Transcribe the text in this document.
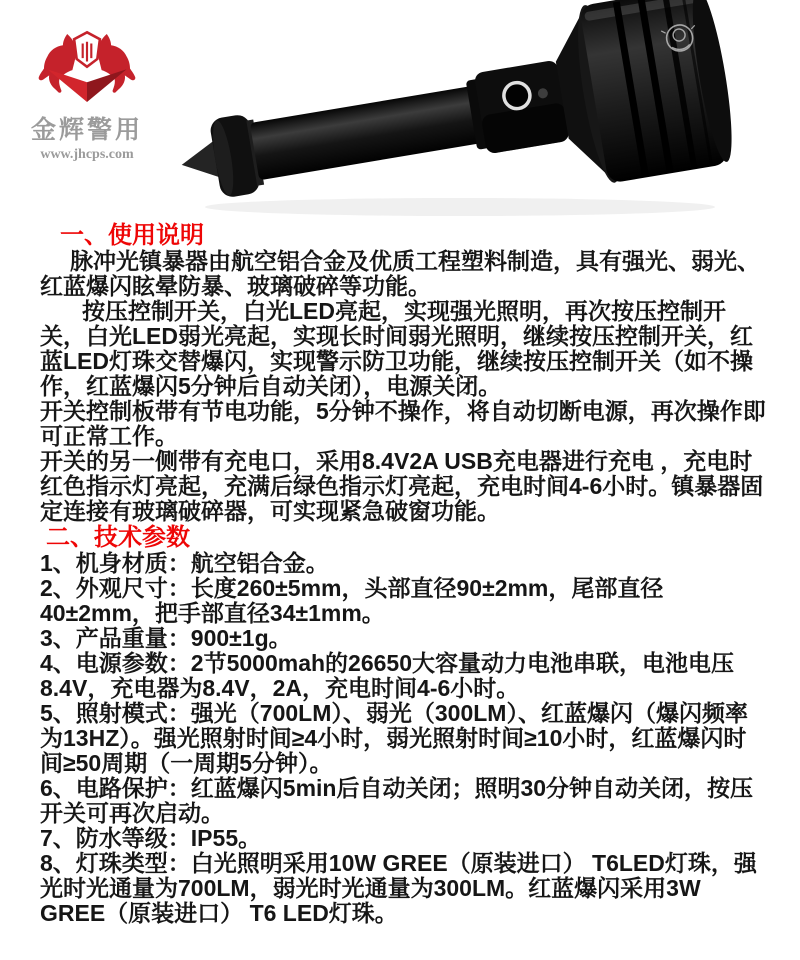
金辉警用
www.jhcps.com
一、使用说明

脉冲光镇暴器由航空铝合金及优质工程塑料制造，具有强光、弱光、红蓝爆闪眩晕防暴、玻璃破碎等功能。

按压控制开关，白光LED亮起，实现强光照明，再次按压控制开关，白光LED弱光亮起，实现长时间弱光照明，继续按压控制开关，红蓝LED灯珠交替爆闪，实现警示防卫功能，继续按压控制开关（如不操作，红蓝爆闪5分钟后自动关闭），电源关闭。

开关控制板带有节电功能，5分钟不操作，将自动切断电源，再次操作即可正常工作。

开关的另一侧带有充电口，采用8.4V2A USB充电器进行充电 ，充电时红色指示灯亮起，充满后绿色指示灯亮起，充电时间4-6小时。镇暴器固定连接有玻璃破碎器，可实现紧急破窗功能。

二、技术参数

1、机身材质：航空铝合金。

2、外观尺寸：长度260±5mm，头部直径90±2mm，尾部直径40±2mm，把手部直径34±1mm。

3、产品重量：900±1g。

4、电源参数：2节5000mah的26650大容量动力电池串联，电池电压8.4V，充电器为8.4V，2A，充电时间4-6小时。

5、照射模式：强光（700LM）、弱光（300LM）、红蓝爆闪（爆闪频率为13HZ）。强光照射时间≥4小时，弱光照射时间≥10小时，红蓝爆闪时间≥50周期（一周期5分钟）。

6、电路保护：红蓝爆闪5min后自动关闭；照明30分钟自动关闭，按压开关可再次启动。

7、防水等级：IP55。

8、灯珠类型：白光照明采用10W GREE（原装进口） T6LED灯珠，强光时光通量为700LM，弱光时光通量为300LM。红蓝爆闪采用3W GREE（原装进口） T6 LED灯珠。
